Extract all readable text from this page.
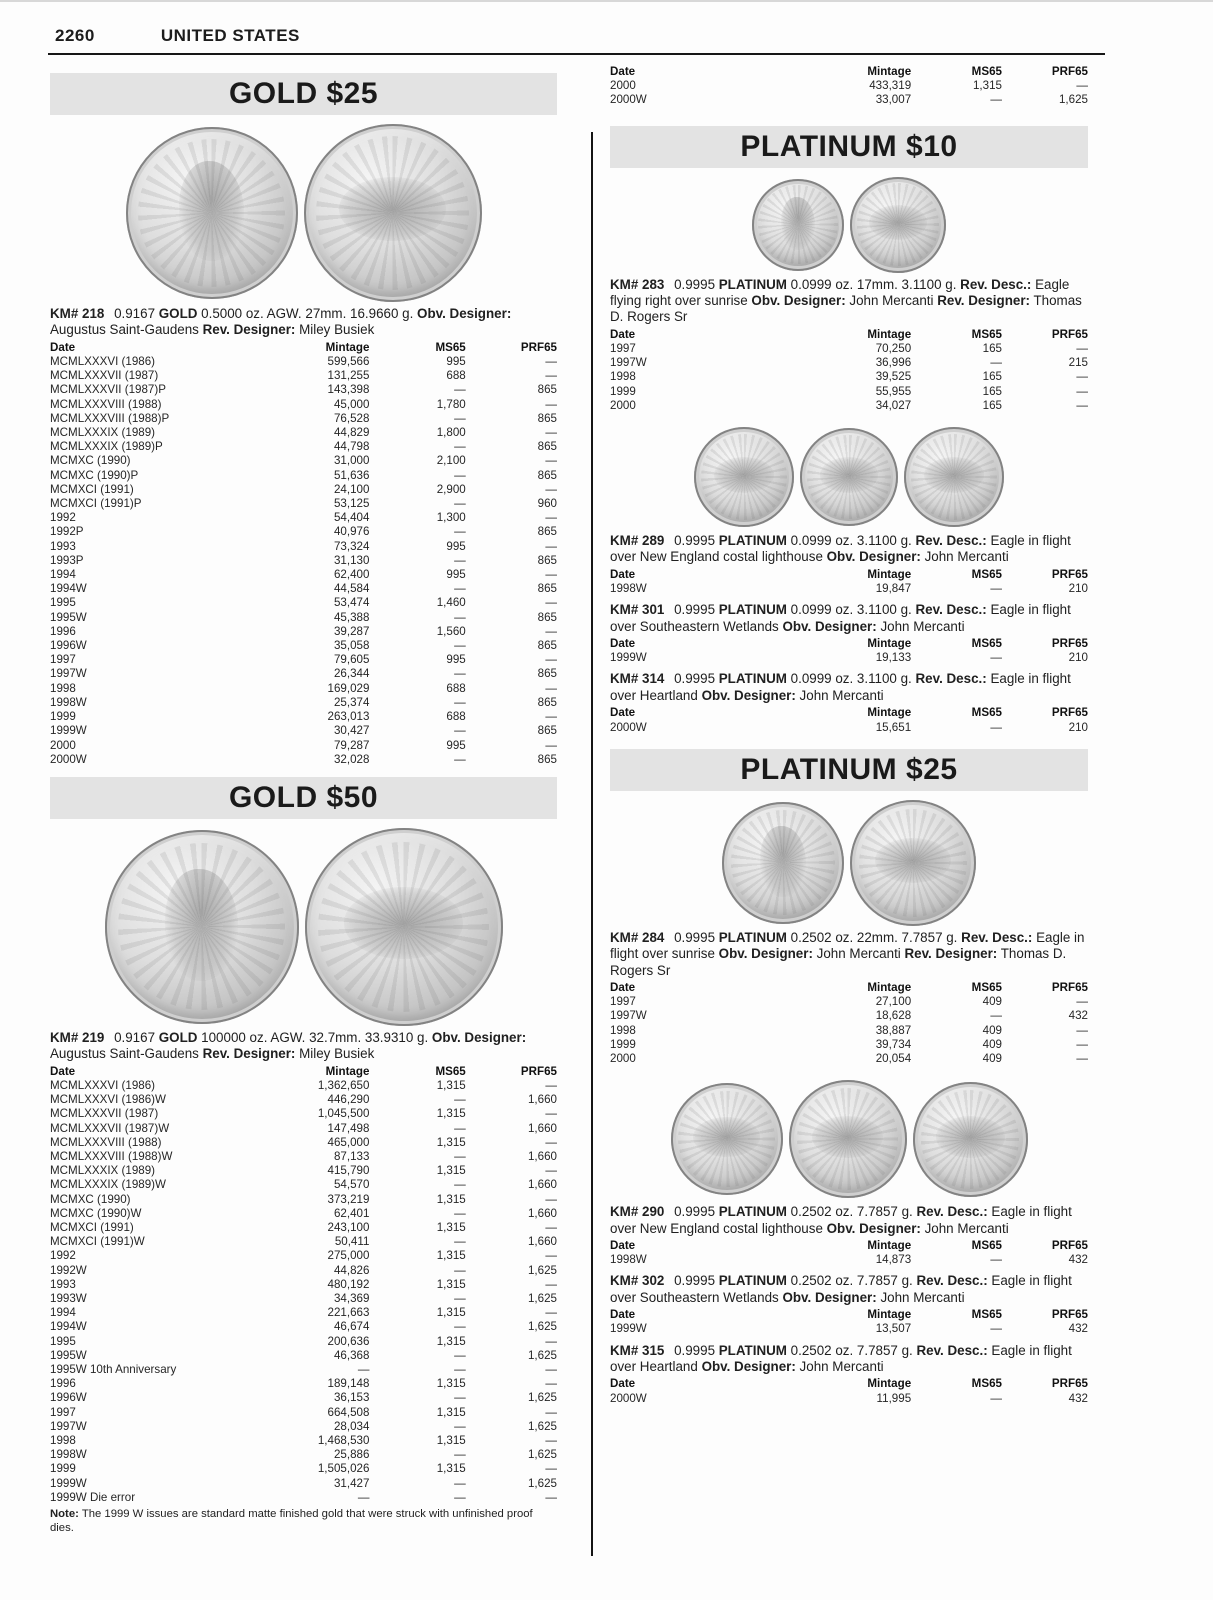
2260	UNITED STATES
GOLD $25

KM# 218 0.9167 GOLD 0.5000 oz. AGW. 27mm. 16.9660 g. Obv. Designer: Augustus Saint-Gaudens Rev. Designer: Miley Busiek

Date	Mintage	MS65	PRF65
MCMLXXXVI (1986)	599,566	995	—
MCMLXXXVII (1987)	131,255	688	—
MCMLXXXVII (1987)P	143,398	—	865
MCMLXXXVIII (1988)	45,000	1,780	—
MCMLXXXVIII (1988)P	76,528	—	865
MCMLXXXIX (1989)	44,829	1,800	—
MCMLXXXIX (1989)P	44,798	—	865
MCMXC (1990)	31,000	2,100	—
MCMXC (1990)P	51,636	—	865
MCMXCI (1991)	24,100	2,900	—
MCMXCI (1991)P	53,125	—	960
1992	54,404	1,300	—
1992P	40,976	—	865
1993	73,324	995	—
1993P	31,130	—	865
1994	62,400	995	—
1994W	44,584	—	865
1995	53,474	1,460	—
1995W	45,388	—	865
1996	39,287	1,560	—
1996W	35,058	—	865
1997	79,605	995	—
1997W	26,344	—	865
1998	169,029	688	—
1998W	25,374	—	865
1999	263,013	688	—
1999W	30,427	—	865
2000	79,287	995	—
2000W	32,028	—	865
GOLD $50

KM# 219 0.9167 GOLD 100000 oz. AGW. 32.7mm. 33.9310 g. Obv. Designer: Augustus Saint-Gaudens Rev. Designer: Miley Busiek

Date	Mintage	MS65	PRF65
MCMLXXXVI (1986)	1,362,650	1,315	—
MCMLXXXVI (1986)W	446,290	—	1,660
MCMLXXXVII (1987)	1,045,500	1,315	—
MCMLXXXVII (1987)W	147,498	—	1,660
MCMLXXXVIII (1988)	465,000	1,315	—
MCMLXXXVIII (1988)W	87,133	—	1,660
MCMLXXXIX (1989)	415,790	1,315	—
MCMLXXXIX (1989)W	54,570	—	1,660
MCMXC (1990)	373,219	1,315	—
MCMXC (1990)W	62,401	—	1,660
MCMXCI (1991)	243,100	1,315	—
MCMXCI (1991)W	50,411	—	1,660
1992	275,000	1,315	—
1992W	44,826	—	1,625
1993	480,192	1,315	—
1993W	34,369	—	1,625
1994	221,663	1,315	—
1994W	46,674	—	1,625
1995	200,636	1,315	—
1995W	46,368	—	1,625
1995W 10th Anniversary	—	—	—
1996	189,148	1,315	—
1996W	36,153	—	1,625
1997	664,508	1,315	—
1997W	28,034	—	1,625
1998	1,468,530	1,315	—
1998W	25,886	—	1,625
1999	1,505,026	1,315	—
1999W	31,427	—	1,625
1999W Die error	—	—	—

Note: The 1999 W issues are standard matte finished gold that were struck with unfinished proof dies.

Date	Mintage	MS65	PRF65
2000	433,319	1,315	—
2000W	33,007	—	1,625
PLATINUM $10

KM# 283 0.9995 PLATINUM 0.0999 oz. 17mm. 3.1100 g. Rev. Desc.: Eagle flying right over sunrise Obv. Designer: John Mercanti Rev. Designer: Thomas D. Rogers Sr

Date	Mintage	MS65	PRF65
1997	70,250	165	—
1997W	36,996	—	215
1998	39,525	165	—
1999	55,955	165	—
2000	34,027	165	—

KM# 289 0.9995 PLATINUM 0.0999 oz. 3.1100 g. Rev. Desc.: Eagle in flight over New England costal lighthouse Obv. Designer: John Mercanti

Date	Mintage	MS65	PRF65
1998W	19,847	—	210

KM# 301 0.9995 PLATINUM 0.0999 oz. 3.1100 g. Rev. Desc.: Eagle in flight over Southeastern Wetlands Obv. Designer: John Mercanti

Date	Mintage	MS65	PRF65
1999W	19,133	—	210

KM# 314 0.9995 PLATINUM 0.0999 oz. 3.1100 g. Rev. Desc.: Eagle in flight over Heartland Obv. Designer: John Mercanti

Date	Mintage	MS65	PRF65
2000W	15,651	—	210
PLATINUM $25

KM# 284 0.9995 PLATINUM 0.2502 oz. 22mm. 7.7857 g. Rev. Desc.: Eagle in flight over sunrise Obv. Designer: John Mercanti Rev. Designer: Thomas D. Rogers Sr

Date	Mintage	MS65	PRF65
1997	27,100	409	—
1997W	18,628	—	432
1998	38,887	409	—
1999	39,734	409	—
2000	20,054	409	—

KM# 290 0.9995 PLATINUM 0.2502 oz. 7.7857 g. Rev. Desc.: Eagle in flight over New England costal lighthouse Obv. Designer: John Mercanti

Date	Mintage	MS65	PRF65
1998W	14,873	—	432

KM# 302 0.9995 PLATINUM 0.2502 oz. 7.7857 g. Rev. Desc.: Eagle in flight over Southeastern Wetlands Obv. Designer: John Mercanti

Date	Mintage	MS65	PRF65
1999W	13,507	—	432

KM# 315 0.9995 PLATINUM 0.2502 oz. 7.7857 g. Rev. Desc.: Eagle in flight over Heartland Obv. Designer: John Mercanti

Date	Mintage	MS65	PRF65
2000W	11,995	—	432
